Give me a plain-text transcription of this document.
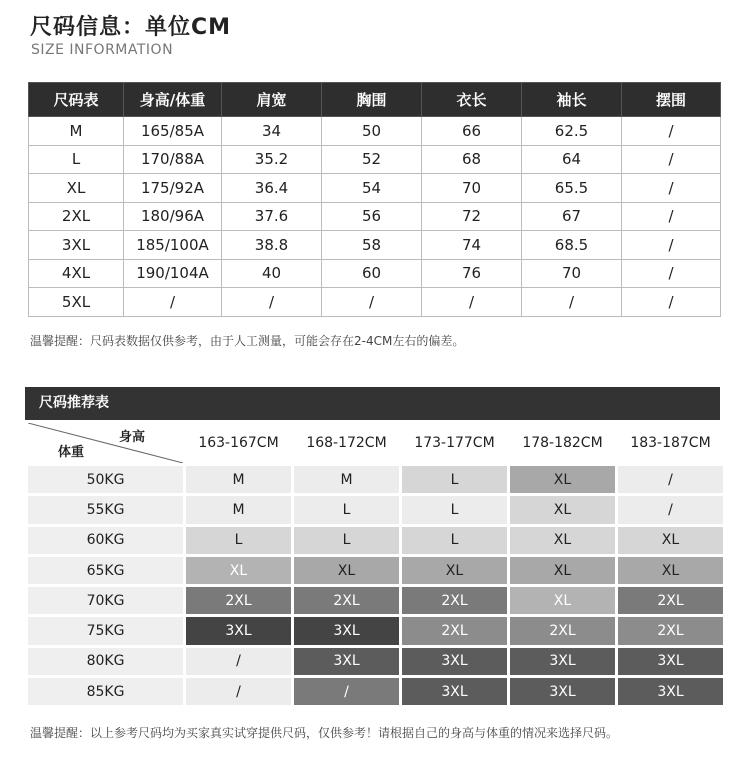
尺码信息：单位CM
SIZE INFORMATION
尺码表	身高/体重	肩宽	胸围	衣长	袖长	摆围
M	165/85A	34	50	66	62.5	/
L	170/88A	35.2	52	68	64	/
XL	175/92A	36.4	54	70	65.5	/
2XL	180/96A	37.6	56	72	67	/
3XL	185/100A	38.8	58	74	68.5	/
4XL	190/104A	40	60	76	70	/
5XL	/	/	/	/	/	/
温馨提醒：尺码表数据仅供参考，由于人工测量，可能会存在2-4CM左右的偏差。
尺码推荐表
身高
体重	163-167CM	168-172CM	173-177CM	178-182CM	183-187CM
50KG	M	M	L	XL	/
55KG	M	L	L	XL	/
60KG	L	L	L	XL	XL
65KG	XL	XL	XL	XL	XL
70KG	2XL	2XL	2XL	XL	2XL
75KG	3XL	3XL	2XL	2XL	2XL
80KG	/	3XL	3XL	3XL	3XL
85KG	/	/	3XL	3XL	3XL
温馨提醒：以上参考尺码均为买家真实试穿提供尺码，仅供参考！请根据自己的身高与体重的情况来选择尺码。
